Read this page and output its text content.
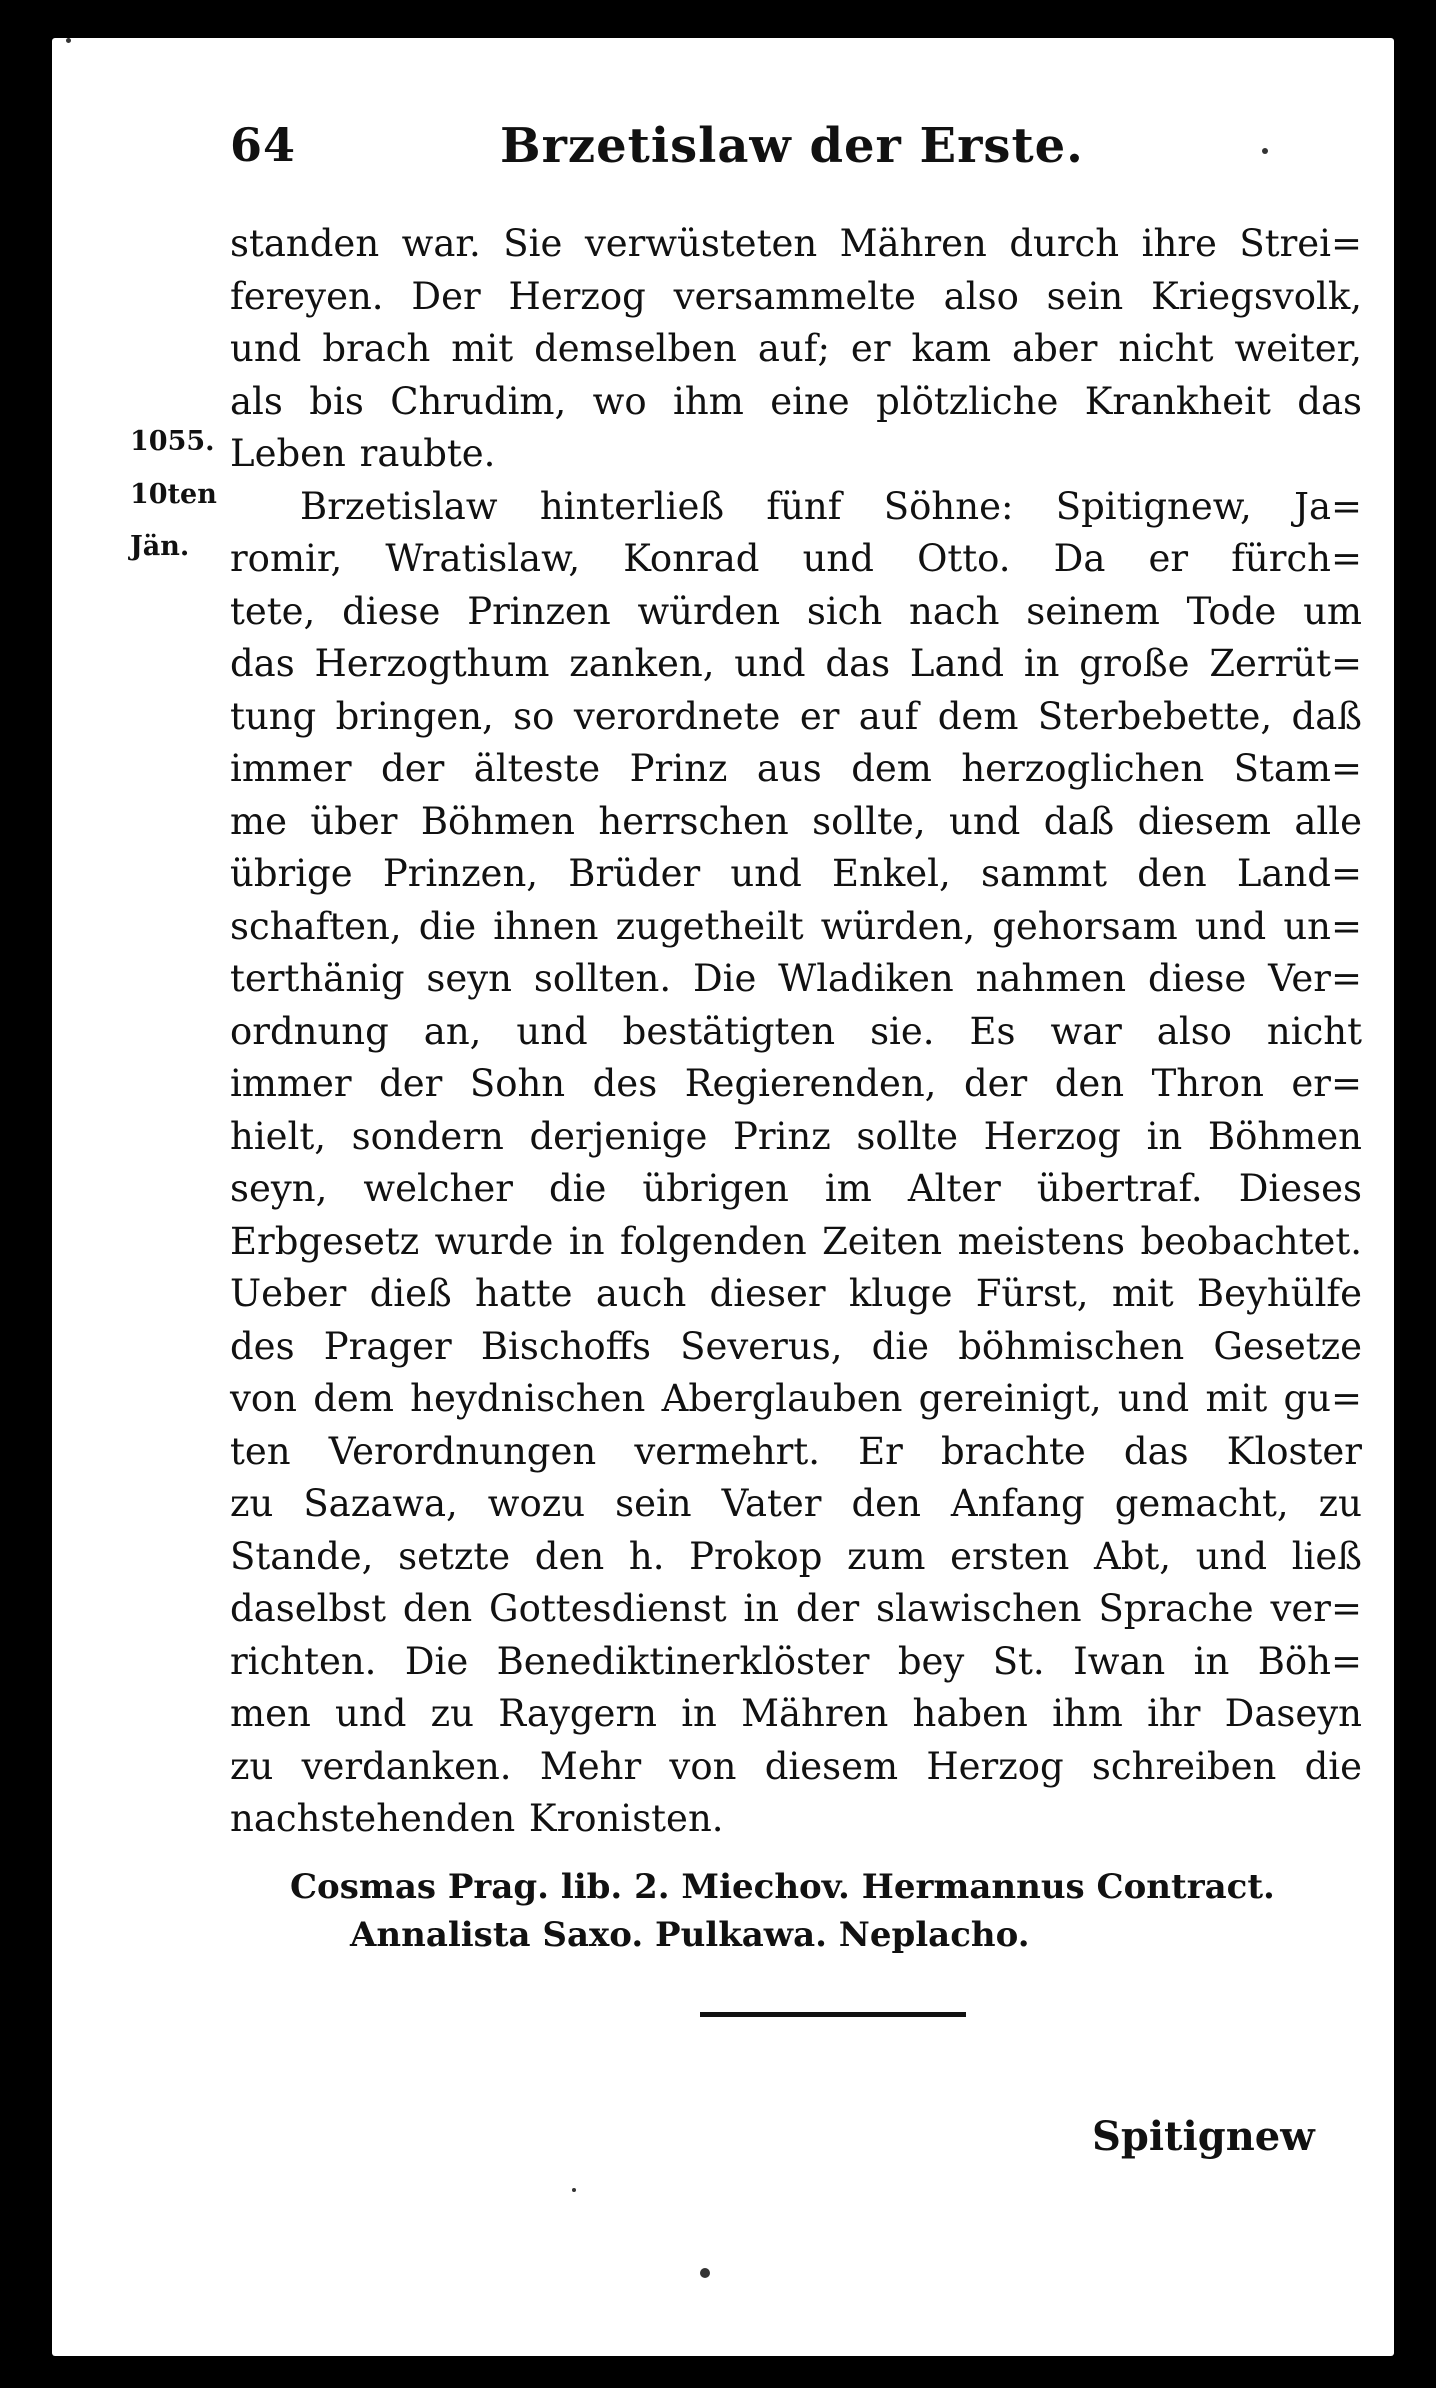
64	Brzetislaw der Erste.
1055.
10ten
Jän.
standen war. Sie verwüsteten Mähren durch ihre Strei=
fereyen. Der Herzog versammelte also sein Kriegsvolk,
und brach mit demselben auf; er kam aber nicht weiter,
als bis Chrudim, wo ihm eine plötzliche Krankheit das
Leben raubte.
Brzetislaw hinterließ fünf Söhne: Spitignew, Ja=
romir, Wratislaw, Konrad und Otto. Da er fürch=
tete, diese Prinzen würden sich nach seinem Tode um
das Herzogthum zanken, und das Land in große Zerrüt=
tung bringen, so verordnete er auf dem Sterbebette, daß
immer der älteste Prinz aus dem herzoglichen Stam=
me über Böhmen herrschen sollte, und daß diesem alle
übrige Prinzen, Brüder und Enkel, sammt den Land=
schaften, die ihnen zugetheilt würden, gehorsam und un=
terthänig seyn sollten. Die Wladiken nahmen diese Ver=
ordnung an, und bestätigten sie. Es war also nicht
immer der Sohn des Regierenden, der den Thron er=
hielt, sondern derjenige Prinz sollte Herzog in Böhmen
seyn, welcher die übrigen im Alter übertraf. Dieses
Erbgesetz wurde in folgenden Zeiten meistens beobachtet.
Ueber dieß hatte auch dieser kluge Fürst, mit Beyhülfe
des Prager Bischoffs Severus, die böhmischen Gesetze
von dem heydnischen Aberglauben gereinigt, und mit gu=
ten Verordnungen vermehrt. Er brachte das Kloster
zu Sazawa, wozu sein Vater den Anfang gemacht, zu
Stande, setzte den h. Prokop zum ersten Abt, und ließ
daselbst den Gottesdienst in der slawischen Sprache ver=
richten. Die Benediktinerklöster bey St. Iwan in Böh=
men und zu Raygern in Mähren haben ihm ihr Daseyn
zu verdanken. Mehr von diesem Herzog schreiben die
nachstehenden Kronisten.
Cosmas Prag. lib. 2. Miechov. Hermannus Contract.
Annalista Saxo. Pulkawa. Neplacho.
Spitignew
